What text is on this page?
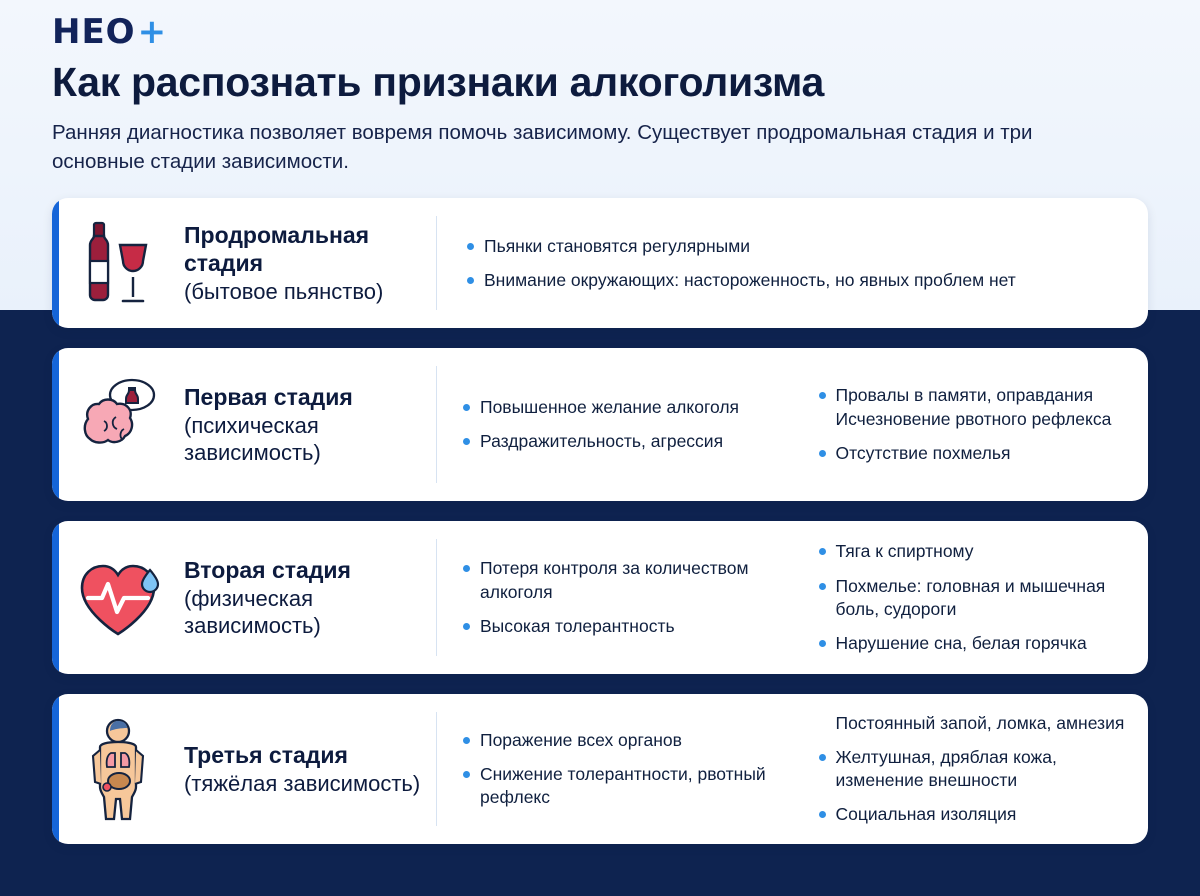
HEO +
Как распознать признаки алкоголизма

Ранняя диагностика позволяет вовремя помочь зависимому. Существует продромальная стадия и три основные стадии зависимости.

Продромальная стадия
(бытовое пьянство)
Пьянки становятся регулярными
Внимание окружающих: настороженность, но явных проблем нет
Первая стадия
(психическая зависимость)
Повышенное желание алкоголя
Раздражительность, агрессия
Провалы в памяти, оправдания Исчезновение рвотного рефлекса
Отсутствие похмелья
Вторая стадия
(физическая зависимость)
Потеря контроля за количеством алкоголя
Высокая толерантность
Тяга к спиртному
Похмелье: головная и мышечная боль, судороги
Нарушение сна, белая горячка
Третья стадия
(тяжёлая зависимость)
Поражение всех органов
Снижение толерантности, рвотный рефлекс
Постоянный запой, ломка, амнезия
Желтушная, дряблая кожа, изменение внешности
Социальная изоляция
